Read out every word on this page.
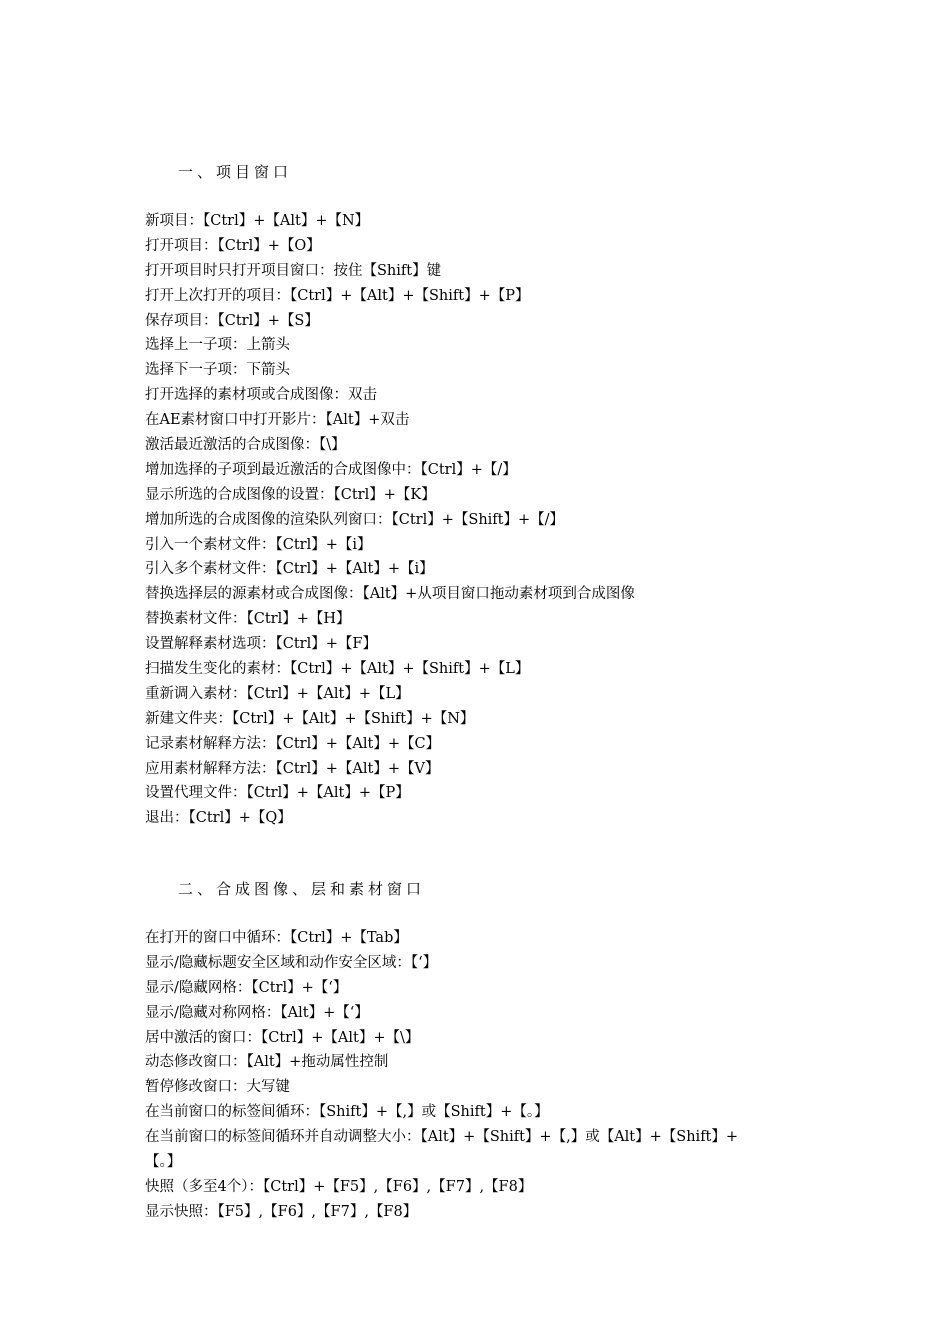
一、项目窗口
新项目：【Ctrl】+【Alt】+【N】
打开项目：【Ctrl】+【O】
打开项目时只打开项目窗口：按住【Shift】键
打开上次打开的项目：【Ctrl】+【Alt】+【Shift】+【P】
保存项目：【Ctrl】+【S】
选择上一子项：上箭头
选择下一子项：下箭头
打开选择的素材项或合成图像：双击
在AE素材窗口中打开影片：【Alt】+双击
激活最近激活的合成图像：【\】
增加选择的子项到最近激活的合成图像中：【Ctrl】+【/】
显示所选的合成图像的设置：【Ctrl】+【K】
增加所选的合成图像的渲染队列窗口：【Ctrl】+【Shift】+【/】
引入一个素材文件：【Ctrl】+【i】
引入多个素材文件：【Ctrl】+【Alt】+【i】
替换选择层的源素材或合成图像：【Alt】+从项目窗口拖动素材项到合成图像
替换素材文件：【Ctrl】+【H】
设置解释素材选项：【Ctrl】+【F】
扫描发生变化的素材：【Ctrl】+【Alt】+【Shift】+【L】
重新调入素材：【Ctrl】+【Alt】+【L】
新建文件夹：【Ctrl】+【Alt】+【Shift】+【N】
记录素材解释方法：【Ctrl】+【Alt】+【C】
应用素材解释方法：【Ctrl】+【Alt】+【V】
设置代理文件：【Ctrl】+【Alt】+【P】
退出：【Ctrl】+【Q】
二、合成图像、层和素材窗口
在打开的窗口中循环：【Ctrl】+【Tab】
显示/隐藏标题安全区域和动作安全区域：【‘】
显示/隐藏网格：【Ctrl】+【‘】
显示/隐藏对称网格：【Alt】+【‘】
居中激活的窗口：【Ctrl】+【Alt】+【\】
动态修改窗口：【Alt】+拖动属性控制
暂停修改窗口：大写键
在当前窗口的标签间循环：【Shift】+【,】或【Shift】+【。】
在当前窗口的标签间循环并自动调整大小：【Alt】+【Shift】+【,】或【Alt】+【Shift】+
【。】
快照（多至4个）：【Ctrl】+【F5】,【F6】,【F7】,【F8】
显示快照：【F5】,【F6】,【F7】,【F8】
